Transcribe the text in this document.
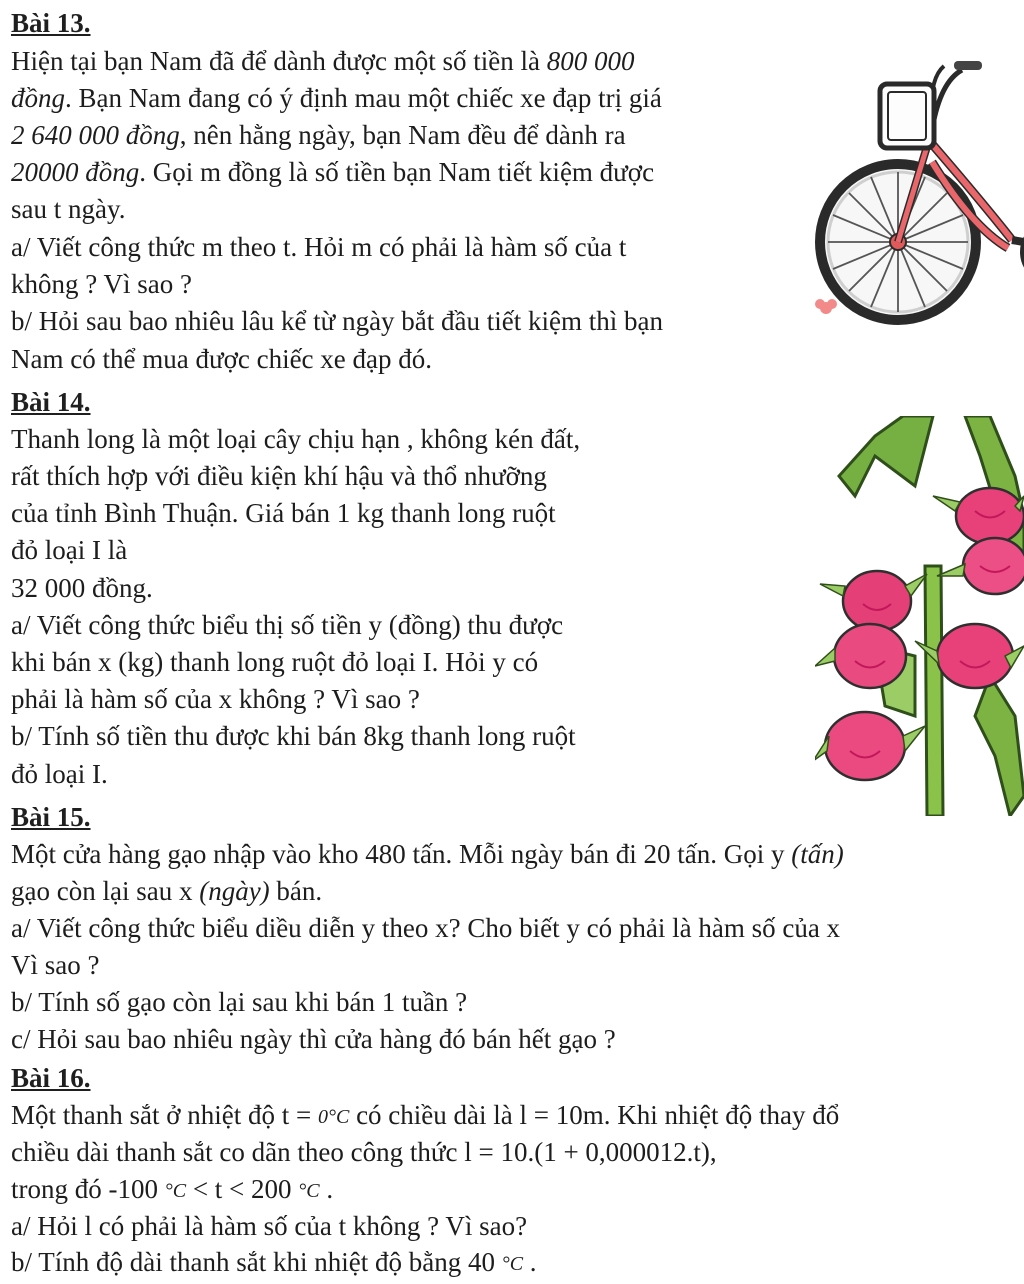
Bài 13.
Hiện tại bạn Nam đã để dành được một số tiền là 800 000
đồng. Bạn Nam đang có ý định mau một chiếc xe đạp trị giá
2 640 000 đồng, nên hằng ngày, bạn Nam đều để dành ra
20000 đồng. Gọi m đồng là số tiền bạn Nam tiết kiệm được
sau t ngày.
a/ Viết công thức m theo t. Hỏi m có phải là hàm số của t
không ? Vì sao ?
b/ Hỏi sau bao nhiêu lâu kể từ ngày bắt đầu tiết kiệm thì bạn
Nam có thể mua được chiếc xe đạp đó.
Bài 14.
Thanh long là một loại cây chịu hạn , không kén đất,
rất thích hợp với điều kiện khí hậu và thổ nhưỡng
của tỉnh Bình Thuận. Giá bán 1 kg thanh long ruột
đỏ loại I là
32 000 đồng.
a/ Viết công thức biểu thị số tiền y (đồng) thu được
khi bán x (kg) thanh long ruột đỏ loại I. Hỏi y có
phải là hàm số của x không ? Vì sao ?
b/ Tính số tiền thu được khi bán 8kg thanh long ruột
đỏ loại I.
Bài 15.
Một cửa hàng gạo nhập vào kho 480 tấn. Mỗi ngày bán đi 20 tấn. Gọi y (tấn)
gạo còn lại sau x (ngày) bán.
a/ Viết công thức biểu diều diễn y theo x? Cho biết y có phải là hàm số của x
Vì sao ?
b/ Tính số gạo còn lại sau khi bán 1 tuần ?
c/ Hỏi sau bao nhiêu ngày thì cửa hàng đó bán hết gạo ?
Bài 16.
Một thanh sắt ở nhiệt độ t = 0°C có chiều dài là l = 10m. Khi nhiệt độ thay đổ
chiều dài thanh sắt co dãn theo công thức l = 10.(1 + 0,000012.t),
trong đó -100 °C < t < 200 °C .
a/ Hỏi l có phải là hàm số của t không ? Vì sao?
b/ Tính độ dài thanh sắt khi nhiệt độ bằng 40 °C .
